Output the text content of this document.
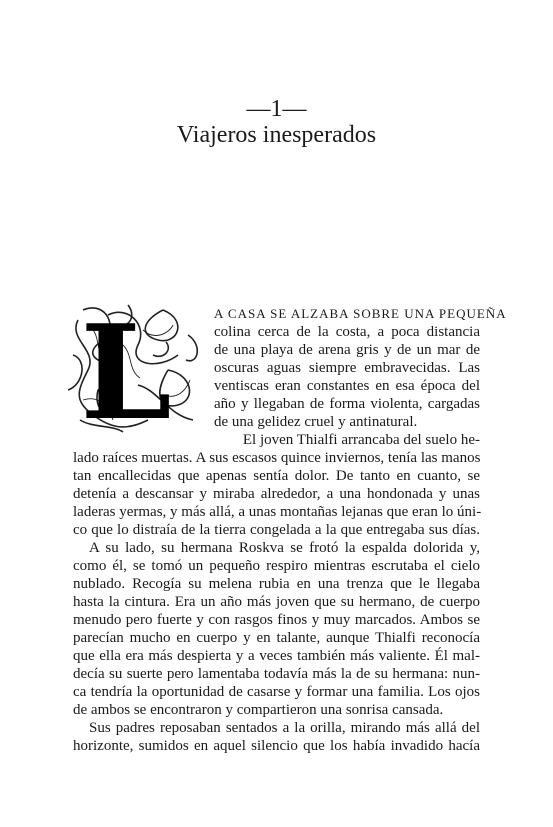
—1—
Viajeros inesperados
L	A CASA SE ALZABA SOBRE UNA PEQUEÑA
colina cerca de la costa, a poca distancia
de una playa de arena gris y de un mar de
oscuras aguas siempre embravecidas. Las
ventiscas eran constantes en esa época del
año y llegaban de forma violenta, cargadas
de una gelidez cruel y antinatural.
El joven Thialfi arrancaba del suelo he-
lado raíces muertas. A sus escasos quince inviernos, tenía las manos
tan encallecidas que apenas sentía dolor. De tanto en cuanto, se
detenía a descansar y miraba alrededor, a una hondonada y unas
laderas yermas, y más allá, a unas montañas lejanas que eran lo úni-
co que lo distraía de la tierra congelada a la que entregaba sus días.
A su lado, su hermana Roskva se frotó la espalda dolorida y,
como él, se tomó un pequeño respiro mientras escrutaba el cielo
nublado. Recogía su melena rubia en una trenza que le llegaba
hasta la cintura. Era un año más joven que su hermano, de cuerpo
menudo pero fuerte y con rasgos finos y muy marcados. Ambos se
parecían mucho en cuerpo y en talante, aunque Thialfi reconocía
que ella era más despierta y a veces también más valiente. Él mal-
decía su suerte pero lamentaba todavía más la de su hermana: nun-
ca tendría la oportunidad de casarse y formar una familia. Los ojos
de ambos se encontraron y compartieron una sonrisa cansada.
Sus padres reposaban sentados a la orilla, mirando más allá del
horizonte, sumidos en aquel silencio que los había invadido hacía
